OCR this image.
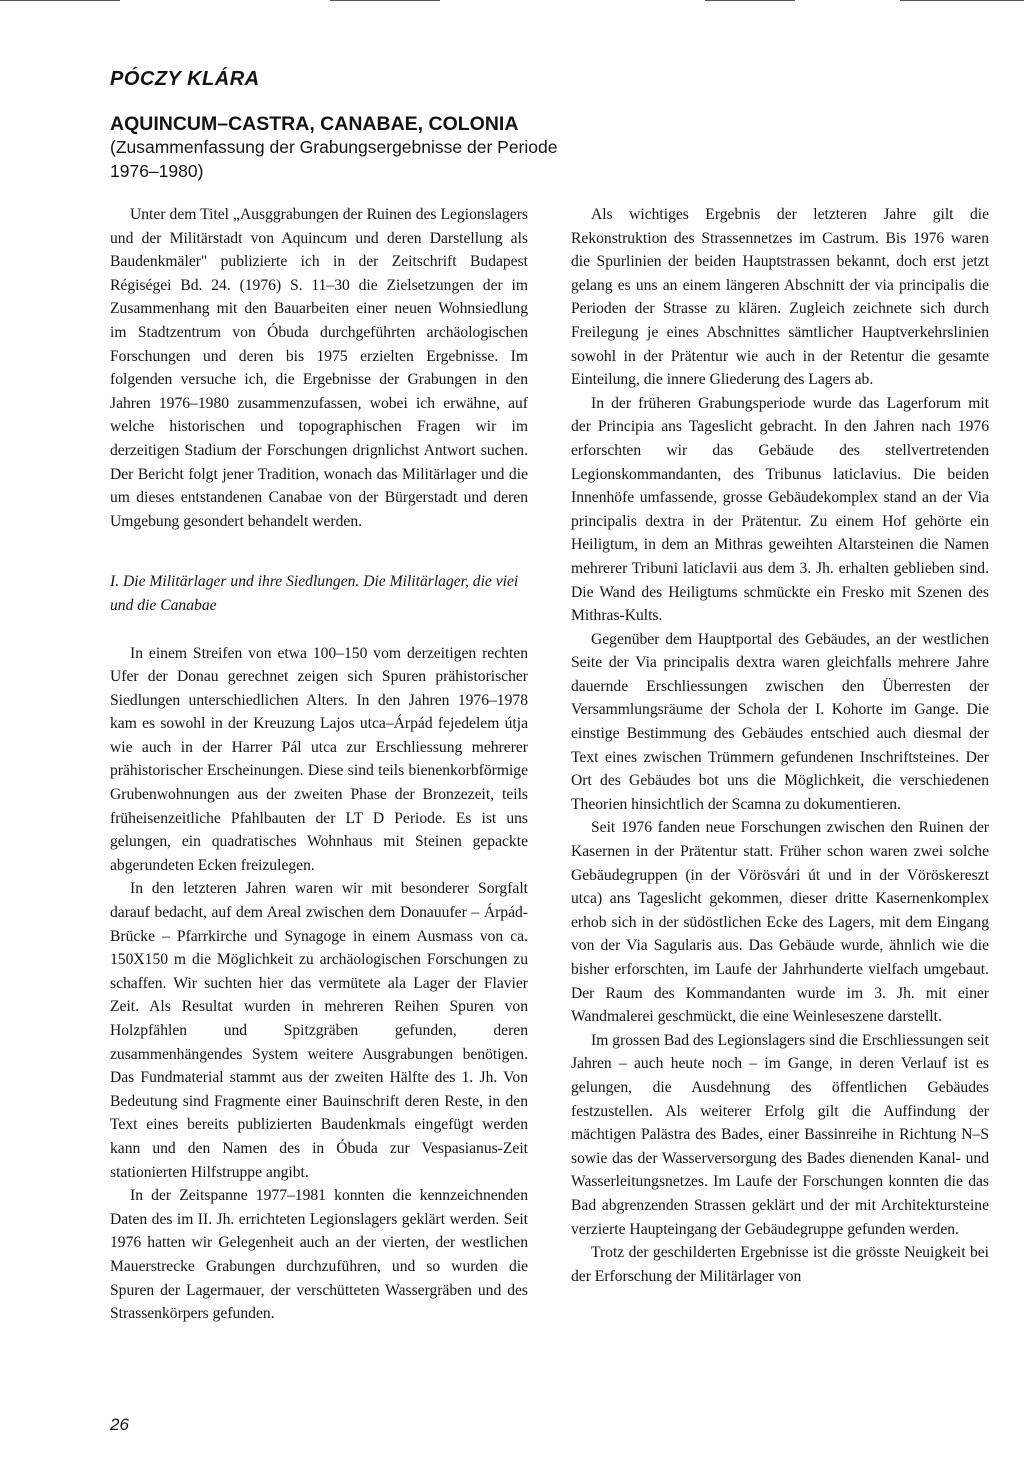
PÓCZY KLÁRA
AQUINCUM–CASTRA, CANABAE, COLONIA

(Zusammenfassung der Grabungsergebnisse der Periode 1976–1980)

Unter dem Titel „Ausggrabungen der Ruinen des Legionslagers und der Militärstadt von Aquincum und deren Darstellung als Baudenkmäler" publizierte ich in der Zeitschrift Budapest Régiségei Bd. 24. (1976) S. 11–30 die Zielsetzungen der im Zusammenhang mit den Bauarbeiten einer neuen Wohnsiedlung im Stadtzentrum von Óbuda durchgeführten archäologischen Forschungen und deren bis 1975 erzielten Ergebnisse. Im folgenden versuche ich, die Ergebnisse der Grabungen in den Jahren 1976–1980 zusammenzufassen, wobei ich erwähne, auf welche historischen und topographischen Fragen wir im derzeitigen Stadium der Forschungen drignlichst Antwort suchen. Der Bericht folgt jener Tradition, wonach das Militärlager und die um dieses entstandenen Canabae von der Bürgerstadt und deren Umgebung gesondert behandelt werden.

I. Die Militärlager und ihre Siedlungen. Die Militärlager, die viei und die Canabae

In einem Streifen von etwa 100–150 vom derzeitigen rechten Ufer der Donau gerechnet zeigen sich Spuren prähistorischer Siedlungen unterschiedlichen Alters. In den Jahren 1976–1978 kam es sowohl in der Kreuzung Lajos utca–Árpád fejedelem útja wie auch in der Harrer Pál utca zur Erschliessung mehrerer prähistorischer Erscheinungen. Diese sind teils bienenkorbförmige Grubenwohnungen aus der zweiten Phase der Bronzezeit, teils früheisenzeitliche Pfahlbauten der LT D Periode. Es ist uns gelungen, ein quadratisches Wohnhaus mit Steinen gepackte abgerundeten Ecken freizulegen.

In den letzteren Jahren waren wir mit besonderer Sorgfalt darauf bedacht, auf dem Areal zwischen dem Donauufer – Árpád-Brücke – Pfarrkirche und Synagoge in einem Ausmass von ca. 150X150 m die Möglichkeit zu archäologischen Forschungen zu schaffen. Wir suchten hier das vermütete ala Lager der Flavier Zeit. Als Resultat wurden in mehreren Reihen Spuren von Holzpfählen und Spitzgräben gefunden, deren zusammenhängendes System weitere Ausgrabungen benötigen. Das Fundmaterial stammt aus der zweiten Hälfte des 1. Jh. Von Bedeutung sind Fragmente einer Bauinschrift deren Reste, in den Text eines bereits publizierten Baudenkmals eingefügt werden kann und den Namen des in Óbuda zur Vespasianus-Zeit stationierten Hilfstruppe angibt.

In der Zeitspanne 1977–1981 konnten die kennzeichnenden Daten des im II. Jh. errichteten Legionslagers geklärt werden. Seit 1976 hatten wir Gelegenheit auch an der vierten, der westlichen Mauerstrecke Grabungen durchzuführen, und so wurden die Spuren der Lagermauer, der verschütteten Wassergräben und des Strassenkörpers gefunden.

Als wichtiges Ergebnis der letzteren Jahre gilt die Rekonstruktion des Strassennetzes im Castrum. Bis 1976 waren die Spurlinien der beiden Hauptstrassen bekannt, doch erst jetzt gelang es uns an einem längeren Abschnitt der via principalis die Perioden der Strasse zu klären. Zugleich zeichnete sich durch Freilegung je eines Abschnittes sämtlicher Hauptverkehrslinien sowohl in der Prätentur wie auch in der Retentur die gesamte Einteilung, die innere Gliederung des Lagers ab.

In der früheren Grabungsperiode wurde das Lagerforum mit der Principia ans Tageslicht gebracht. In den Jahren nach 1976 erforschten wir das Gebäude des stellvertretenden Legionskommandanten, des Tribunus laticlavius. Die beiden Innenhöfe umfassende, grosse Gebäudekomplex stand an der Via principalis dextra in der Prätentur. Zu einem Hof gehörte ein Heiligtum, in dem an Mithras geweihten Altarsteinen die Namen mehrerer Tribuni laticlavii aus dem 3. Jh. erhalten geblieben sind. Die Wand des Heiligtums schmückte ein Fresko mit Szenen des Mithras-Kults.

Gegenüber dem Hauptportal des Gebäudes, an der westlichen Seite der Via principalis dextra waren gleichfalls mehrere Jahre dauernde Erschliessungen zwischen den Überresten der Versammlungsräume der Schola der I. Kohorte im Gange. Die einstige Bestimmung des Gebäudes entschied auch diesmal der Text eines zwischen Trümmern gefundenen Inschriftsteines. Der Ort des Gebäudes bot uns die Möglichkeit, die verschiedenen Theorien hinsichtlich der Scamna zu dokumentieren.

Seit 1976 fanden neue Forschungen zwischen den Ruinen der Kasernen in der Prätentur statt. Früher schon waren zwei solche Gebäudegruppen (in der Vörösvári út und in der Vöröskereszt utca) ans Tageslicht gekommen, dieser dritte Kasernenkomplex erhob sich in der südöstlichen Ecke des Lagers, mit dem Eingang von der Via Sagularis aus. Das Gebäude wurde, ähnlich wie die bisher erforschten, im Laufe der Jahrhunderte vielfach umgebaut. Der Raum des Kommandanten wurde im 3. Jh. mit einer Wandmalerei geschmückt, die eine Weinleseszene darstellt.

Im grossen Bad des Legionslagers sind die Erschliessungen seit Jahren – auch heute noch – im Gange, in deren Verlauf ist es gelungen, die Ausdehnung des öffentlichen Gebäudes festzustellen. Als weiterer Erfolg gilt die Auffindung der mächtigen Palästra des Bades, einer Bassinreihe in Richtung N–S sowie das der Wasserversorgung des Bades dienenden Kanal- und Wasserleitungsnetzes. Im Laufe der Forschungen konnten die das Bad abgrenzenden Strassen geklärt und der mit Architektursteine verzierte Haupteingang der Gebäudegruppe gefunden werden.

Trotz der geschilderten Ergebnisse ist die grösste Neuigkeit bei der Erforschung der Militärlager von

26
